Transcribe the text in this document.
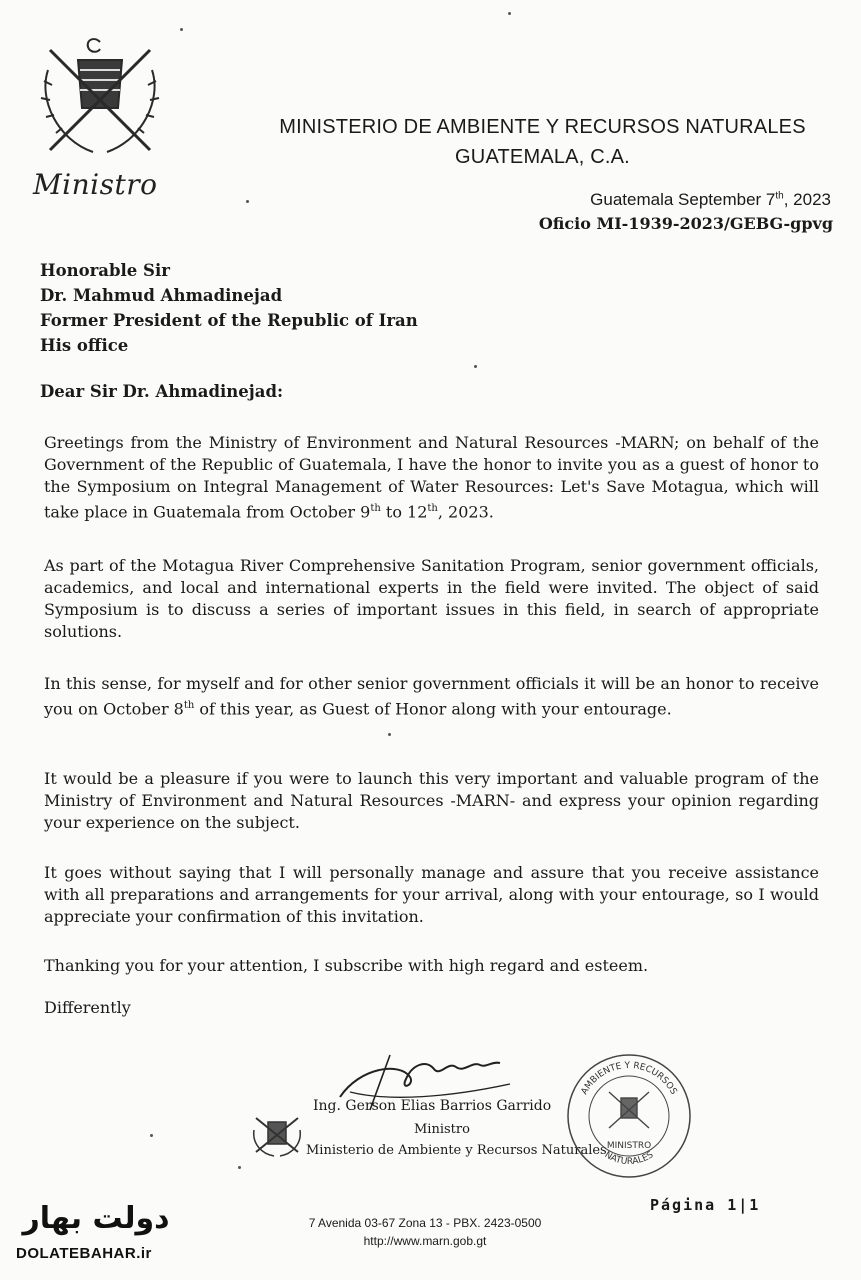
Ministro
MINISTERIO DE AMBIENTE Y RECURSOS NATURALES
GUATEMALA, C.A.
Guatemala September 7th, 2023
Oficio MI-1939-2023/GEBG-gpvg
Honorable Sir
Dr. Mahmud Ahmadinejad
Former President of the Republic of Iran
His office
Dear Sir Dr. Ahmadinejad:
Greetings from the Ministry of Environment and Natural Resources -MARN; on behalf of the Government of the Republic of Guatemala, I have the honor to invite you as a guest of honor to the Symposium on Integral Management of Water Resources: Let's Save Motagua, which will take place in Guatemala from October 9th to 12th, 2023.
As part of the Motagua River Comprehensive Sanitation Program, senior government officials, academics, and local and international experts in the field were invited. The object of said Symposium is to discuss a series of important issues in this field, in search of appropriate solutions.
In this sense, for myself and for other senior government officials it will be an honor to receive you on October 8th of this year, as Guest of Honor along with your entourage.
It would be a pleasure if you were to launch this very important and valuable program of the Ministry of Environment and Natural Resources -MARN- and express your opinion regarding your experience on the subject.
It goes without saying that I will personally manage and assure that you receive assistance with all preparations and arrangements for your arrival, along with your entourage, so I would appreciate your confirmation of this invitation.
Thanking you for your attention, I subscribe with high regard and esteem.
Differently
Ing. Gerson Elias Barrios Garrido
Ministro
Ministerio de Ambiente y Recursos Naturales
AMBIENTE Y RECURSOS
NATURALES
MINISTRO
Página 1|1
7 Avenida 03-67 Zona 13 - PBX. 2423-0500
http://www.marn.gob.gt
دولت بهار
DOLATEBAHAR.ir
